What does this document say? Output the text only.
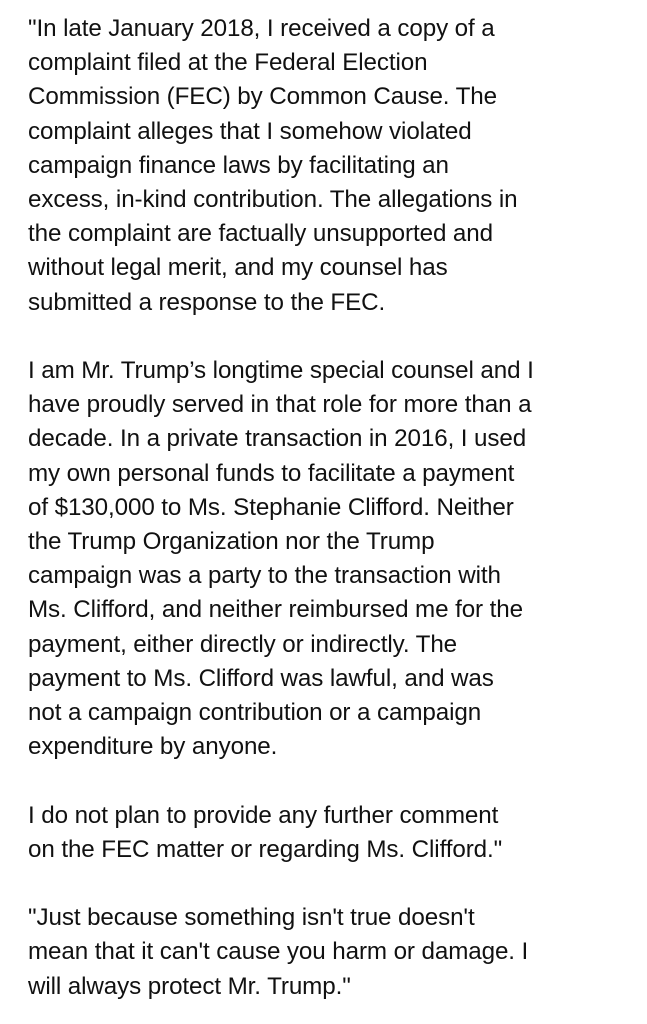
"In late January 2018, I received a copy of a
complaint filed at the Federal Election
Commission (FEC) by Common Cause. The
complaint alleges that I somehow violated
campaign finance laws by facilitating an
excess, in-kind contribution. The allegations in
the complaint are factually unsupported and
without legal merit, and my counsel has
submitted a response to the FEC.

I am Mr. Trump’s longtime special counsel and I
have proudly served in that role for more than a
decade. In a private transaction in 2016, I used
my own personal funds to facilitate a payment
of $130,000 to Ms. Stephanie Clifford. Neither
the Trump Organization nor the Trump
campaign was a party to the transaction with
Ms. Clifford, and neither reimbursed me for the
payment, either directly or indirectly. The
payment to Ms. Clifford was lawful, and was
not a campaign contribution or a campaign
expenditure by anyone.

I do not plan to provide any further comment
on the FEC matter or regarding Ms. Clifford."

"Just because something isn't true doesn't
mean that it can't cause you harm or damage. I
will always protect Mr. Trump."
